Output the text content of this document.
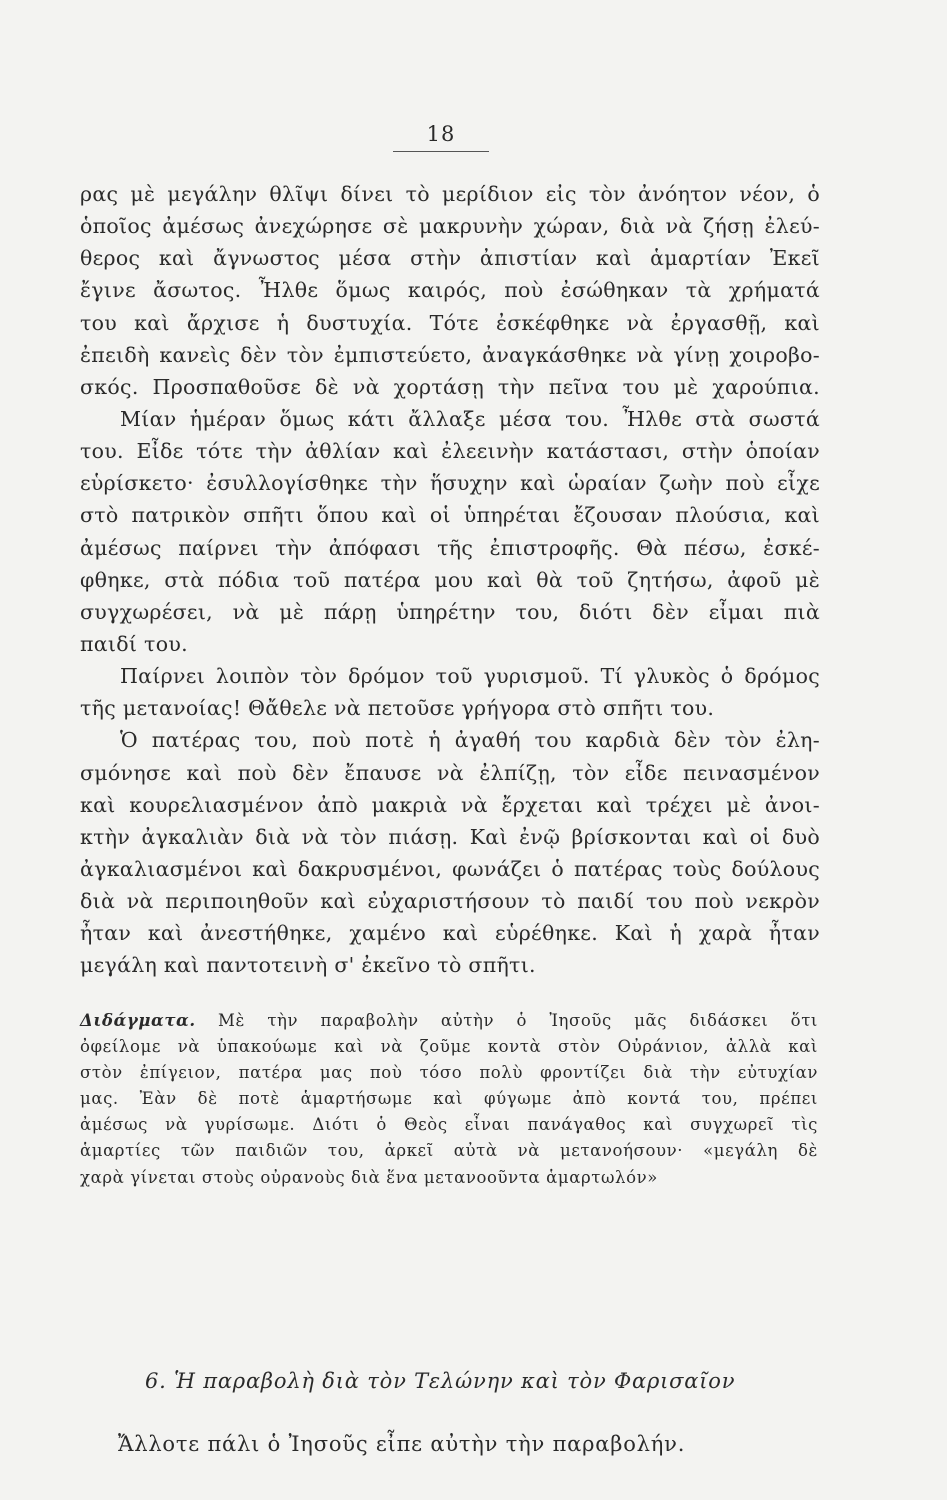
18
ρας μὲ μεγάλην θλῖψι δίνει τὸ μερίδιον εἰς τὸν ἀνόητον νέον, ὁ
ὁποῖος ἀμέσως ἀνεχώρησε σὲ μακρυνὴν χώραν, διὰ νὰ ζήσῃ ἐλεύ-
θερος καὶ ἄγνωστος μέσα στὴν ἀπιστίαν καὶ ἁμαρτίαν Ἐκεῖ
ἔγινε ἄσωτος. Ἦλθε ὅμως καιρός, ποὺ ἐσώθηκαν τὰ χρήματά
του καὶ ἄρχισε ἡ δυστυχία. Τότε ἐσκέφθηκε νὰ ἐργασθῇ, καὶ
ἐπειδὴ κανεὶς δὲν τὸν ἐμπιστεύετο, ἀναγκάσθηκε νὰ γίνῃ χοιροβο-
σκός. Προσπαθοῦσε δὲ νὰ χορτάσῃ τὴν πεῖνα του μὲ χαρούπια.
Μίαν ἡμέραν ὅμως κάτι ἄλλαξε μέσα του. Ἦλθε στὰ σωστά
του. Εἶδε τότε τὴν ἀθλίαν καὶ ἐλεεινὴν κατάστασι, στὴν ὁποίαν
εὑρίσκετο· ἐσυλλογίσθηκε τὴν ἥσυχην καὶ ὡραίαν ζωὴν ποὺ εἶχε
στὸ πατρικὸν σπῆτι ὅπου καὶ οἱ ὑπηρέται ἔζουσαν πλούσια, καὶ
ἀμέσως παίρνει τὴν ἀπόφασι τῆς ἐπιστροφῆς. Θὰ πέσω, ἐσκέ-
φθηκε, στὰ πόδια τοῦ πατέρα μου καὶ θὰ τοῦ ζητήσω, ἀφοῦ μὲ
συγχωρέσει, νὰ μὲ πάρῃ ὑπηρέτην του, διότι δὲν εἶμαι πιὰ
παιδί του.
Παίρνει λοιπὸν τὸν δρόμον τοῦ γυρισμοῦ. Τί γλυκὸς ὁ δρόμος
τῆς μετανοίας! Θἄθελε νὰ πετοῦσε γρήγορα στὸ σπῆτι του.
Ὁ πατέρας του, ποὺ ποτὲ ἡ ἀγαθή του καρδιὰ δὲν τὸν ἐλη-
σμόνησε καὶ ποὺ δὲν ἔπαυσε νὰ ἐλπίζῃ, τὸν εἶδε πεινασμένον
καὶ κουρελιασμένον ἀπὸ μακριὰ νὰ ἔρχεται καὶ τρέχει μὲ ἀνοι-
κτὴν ἀγκαλιὰν διὰ νὰ τὸν πιάσῃ. Καὶ ἐνῷ βρίσκονται καὶ οἱ δυὸ
ἀγκαλιασμένοι καὶ δακρυσμένοι, φωνάζει ὁ πατέρας τοὺς δούλους
διὰ νὰ περιποιηθοῦν καὶ εὐχαριστήσουν τὸ παιδί του ποὺ νεκρὸν
ἦταν καὶ ἀνεστήθηκε, χαμένο καὶ εὑρέθηκε. Καὶ ἡ χαρὰ ἦταν
μεγάλη καὶ παντοτεινὴ σ' ἐκεῖνο τὸ σπῆτι.
Διδάγματα. Μὲ τὴν παραβολὴν αὐτὴν ὁ Ἰησοῦς μᾶς διδάσκει ὅτι
ὀφείλομε νὰ ὑπακούωμε καὶ νὰ ζοῦμε κοντὰ στὸν Οὐράνιον, ἀλλὰ καὶ
στὸν ἐπίγειον, πατέρα μας ποὺ τόσο πολὺ φροντίζει διὰ τὴν εὐτυχίαν
μας. Ἐὰν δὲ ποτὲ ἁμαρτήσωμε καὶ φύγωμε ἀπὸ κοντά του, πρέπει
ἀμέσως νὰ γυρίσωμε. Διότι ὁ Θεὸς εἶναι πανάγαθος καὶ συγχωρεῖ τὶς
ἁμαρτίες τῶν παιδιῶν του, ἀρκεῖ αὐτὰ νὰ μετανοήσουν· «μεγάλη δὲ
χαρὰ γίνεται στοὺς οὐρανοὺς διὰ ἕνα μετανοοῦντα ἁμαρτωλόν»
6. Ἡ παραβολὴ διὰ τὸν Τελώνην καὶ τὸν Φαρισαῖον
Ἄλλοτε πάλι ὁ Ἰησοῦς εἶπε αὐτὴν τὴν παραβολήν.
